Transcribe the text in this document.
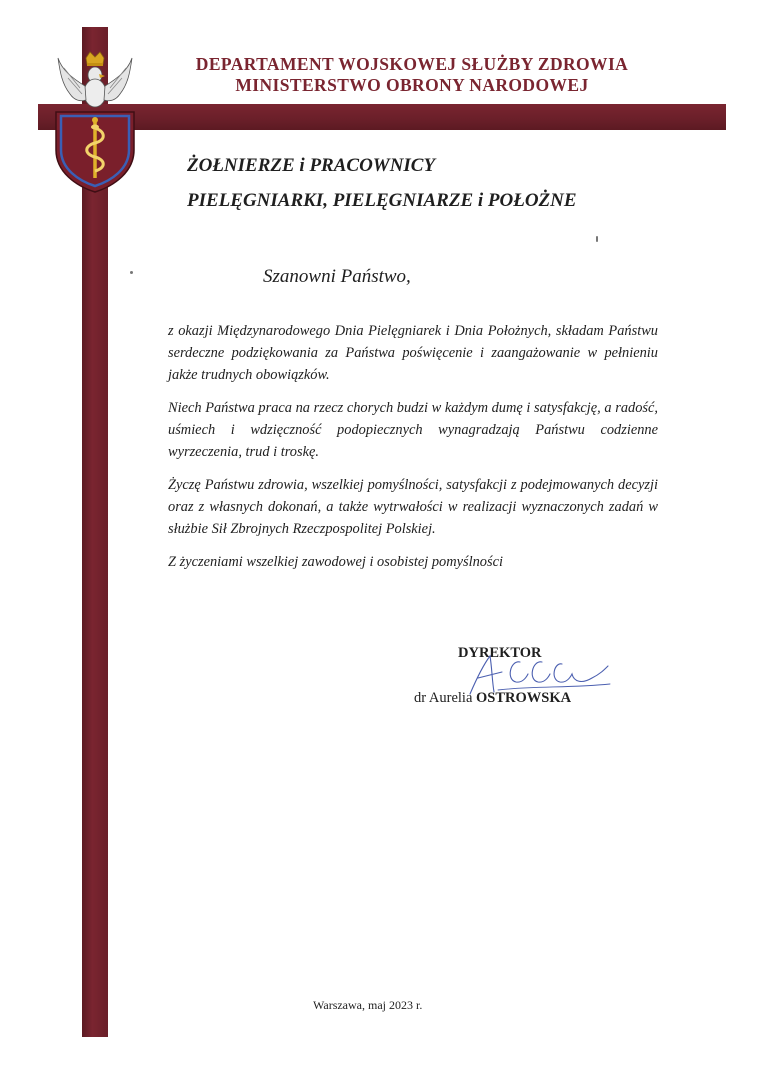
DEPARTAMENT WOJSKOWEJ SŁUŻBY ZDROWIA
MINISTERSTWO OBRONY NARODOWEJ
ŻOŁNIERZE i PRACOWNICY
PIELĘGNIARKI, PIELĘGNIARZE i POŁOŻNE
Szanowni Państwo,

z okazji Międzynarodowego Dnia Pielęgniarek i Dnia Położnych, składam Państwu serdeczne podziękowania za Państwa poświęcenie i zaangażowanie w pełnieniu jakże trudnych obowiązków.

Niech Państwa praca na rzecz chorych budzi w każdym dumę i satysfakcję, a radość, uśmiech i wdzięczność podopiecznych wynagradzają Państwu codzienne wyrzeczenia, trud i troskę.

Życzę Państwu zdrowia, wszelkiej pomyślności, satysfakcji z podejmowanych decyzji oraz z własnych dokonań, a także wytrwałości w realizacji wyznaczonych zadań w służbie Sił Zbrojnych Rzeczpospolitej Polskiej.

Z życzeniami wszelkiej zawodowej i osobistej pomyślności

DYREKTOR
dr Aurelia OSTROWSKA
Warszawa, maj 2023 r.
